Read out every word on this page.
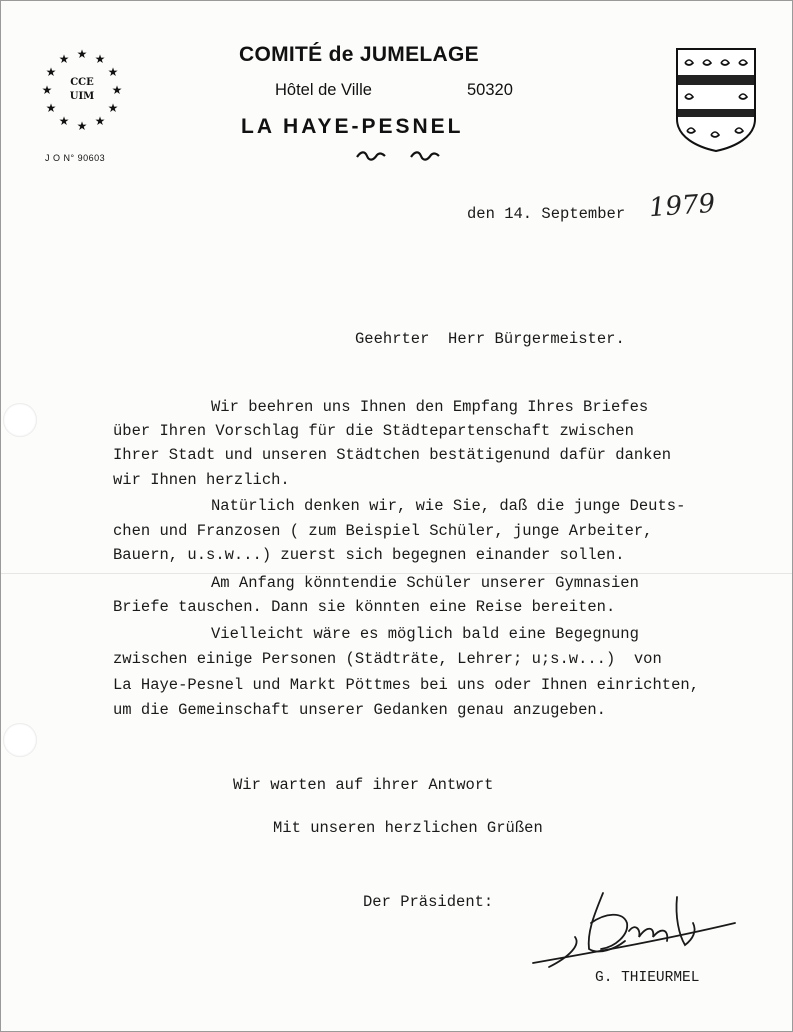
★ ★
★
★
★
★
★
★
★
★
★
★
CCE
UIM
J O N° 90603
COMITÉ de JUMELAGE
Hôtel de Ville	50320
LA HAYE-PESNEL
den 14. September 1979
Geehrter  Herr Bürgermeister.
Wir beehren uns Ihnen den Empfang Ihres Briefes
über Ihren Vorschlag für die Städtepartenschaft zwischen
Ihrer Stadt und unseren Städtchen bestätigenund dafür danken
wir Ihnen herzlich.
Natürlich denken wir, wie Sie, daß die junge Deuts-
chen und Franzosen ( zum Beispiel Schüler, junge Arbeiter,
Bauern, u.s.w...) zuerst sich begegnen einander sollen.
Am Anfang könntendie Schüler unserer Gymnasien
Briefe tauschen. Dann sie könnten eine Reise bereiten.
Vielleicht wäre es möglich bald eine Begegnung
zwischen einige Personen (Städträte, Lehrer; u;s.w...)  von
La Haye-Pesnel und Markt Pöttmes bei uns oder Ihnen einrichten,
um die Gemeinschaft unserer Gedanken genau anzugeben.
Wir warten auf ihrer Antwort
Mit unseren herzlichen Grüßen
Der Präsident:
G. THIEURMEL
